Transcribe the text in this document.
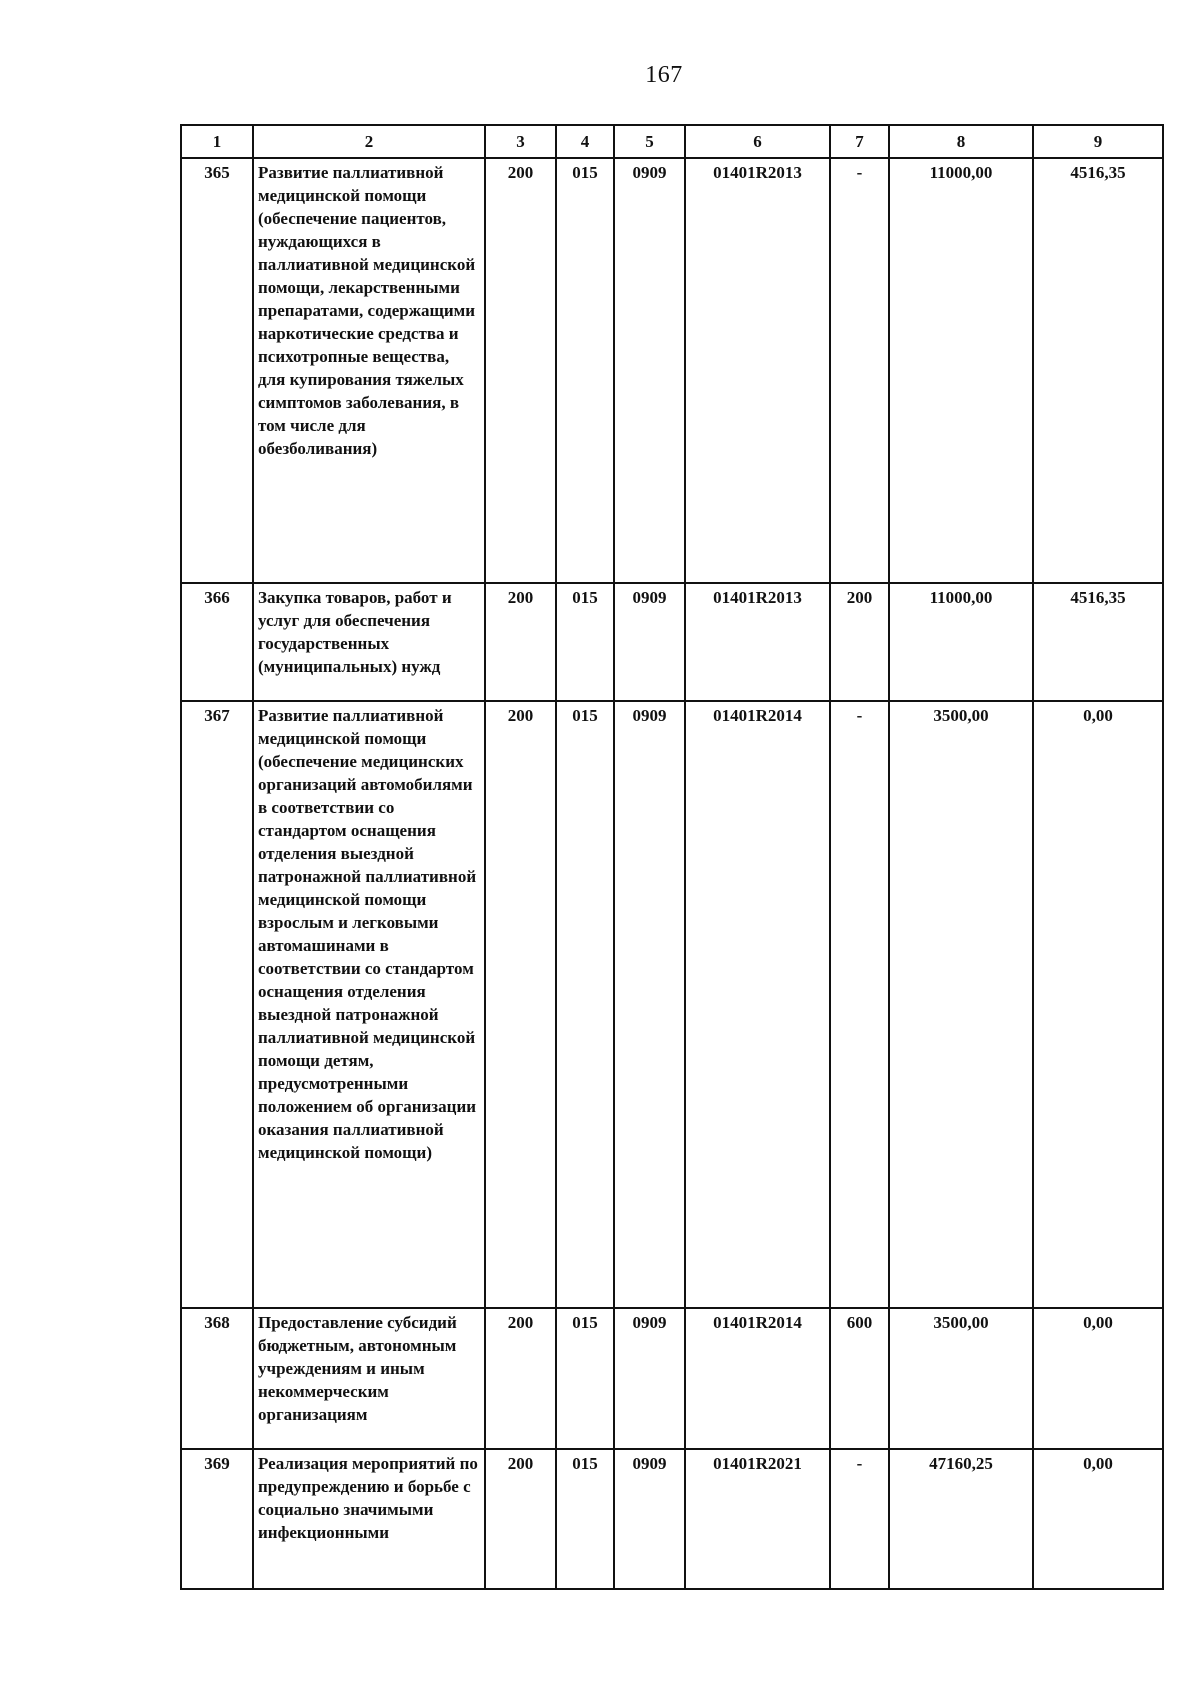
167
1	2	3	4	5	6	7	8	9
365	Развитие паллиативной медицинской помощи (обеспечение пациентов, нуждающихся в паллиативной медицинской помощи, лекарственными препаратами, содержащими наркотические средства и психотропные вещества, для купирования тяжелых симптомов заболевания, в том числе для обезболивания)	200	015	0909	01401R2013	-	11000,00	4516,35
366	Закупка товаров, работ и услуг для обеспечения государственных (муниципальных) нужд	200	015	0909	01401R2013	200	11000,00	4516,35
367	Развитие паллиативной медицинской помощи (обеспечение медицинских организаций автомобилями в соответствии со стандартом оснащения отделения выездной патронажной паллиативной медицинской помощи взрослым и легковыми автомашинами в соответствии со стандартом оснащения отделения выездной патронажной паллиативной медицинской помощи детям, предусмотренными положением об организации оказания паллиативной медицинской помощи)	200	015	0909	01401R2014	-	3500,00	0,00
368	Предоставление субсидий бюджетным, автономным учреждениям и иным некоммерческим организациям	200	015	0909	01401R2014	600	3500,00	0,00
369	Реализация мероприятий по предупреждению и борьбе с социально значимыми инфекционными	200	015	0909	01401R2021	-	47160,25	0,00
